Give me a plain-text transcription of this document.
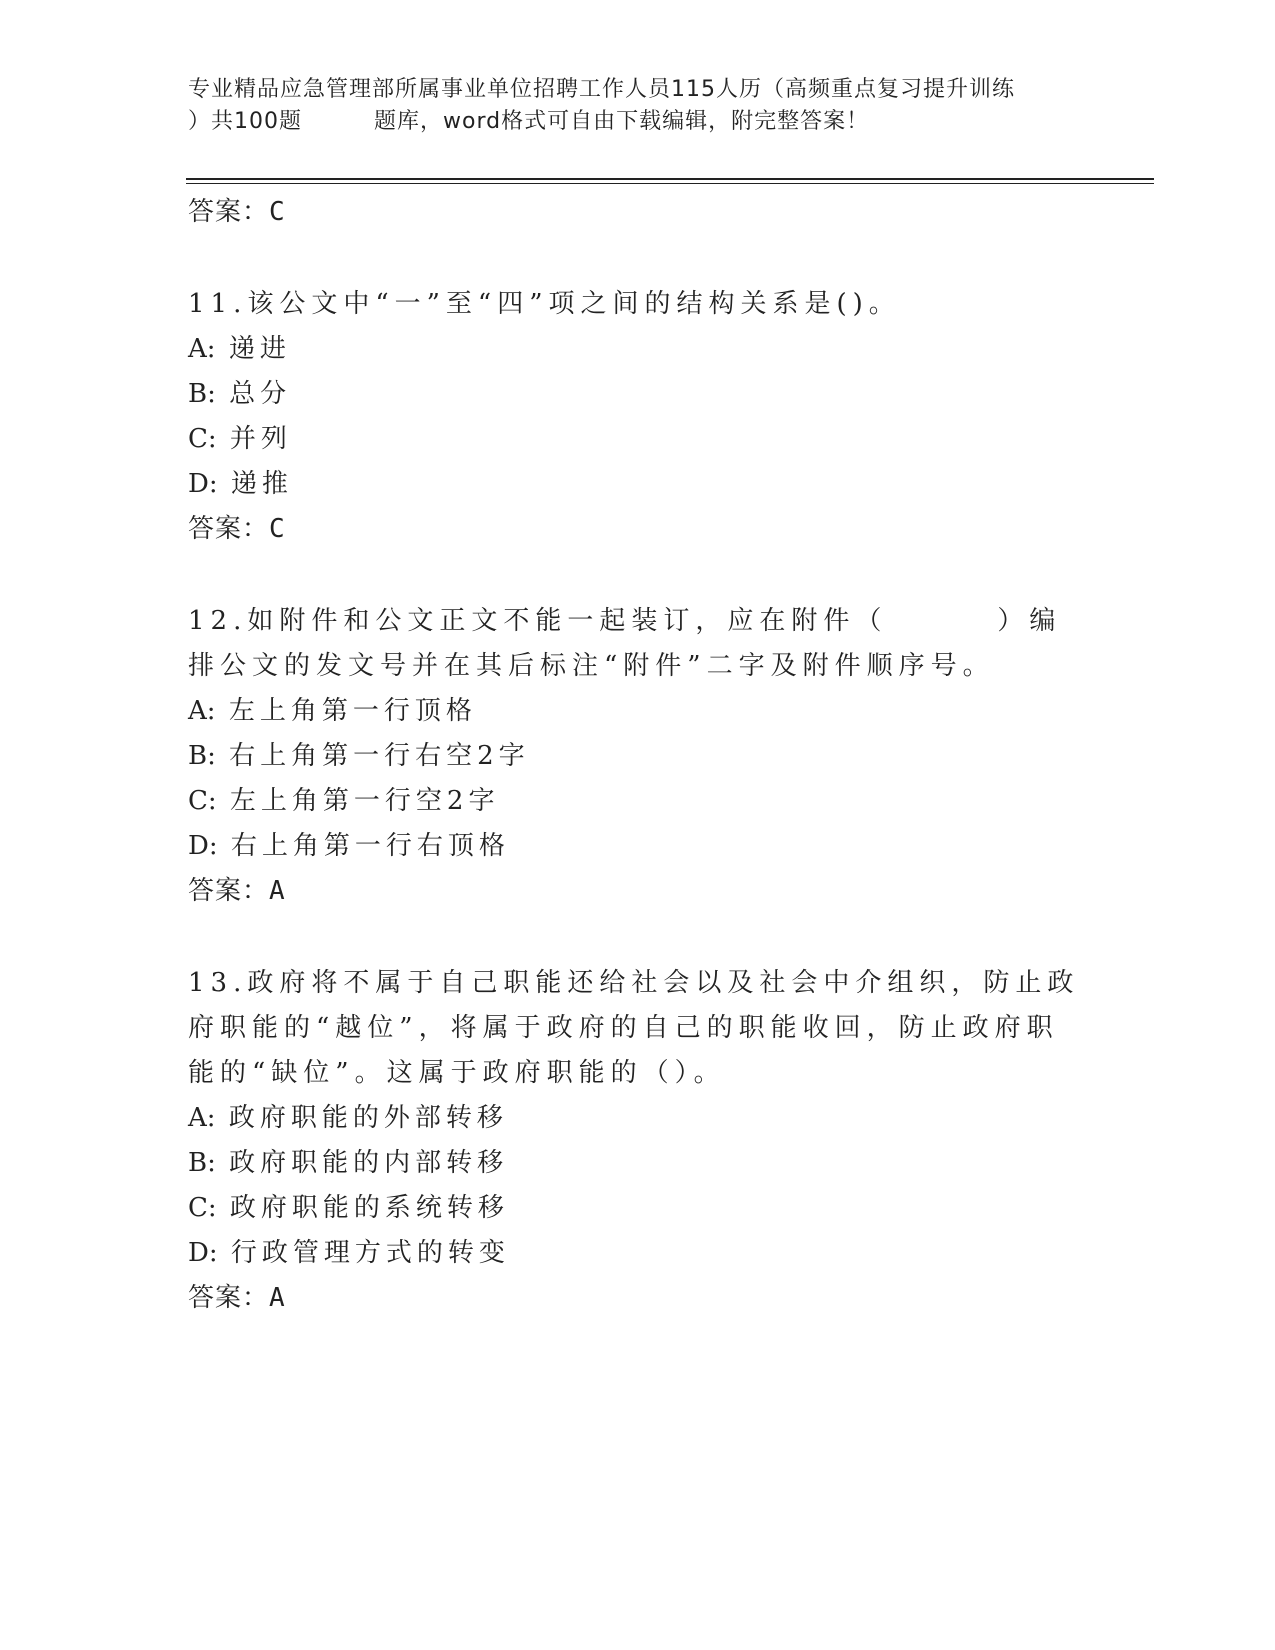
专业精品应急管理部所属事业单位招聘工作人员115人历（高频重点复习提升训练
）共100题	题库，word格式可自由下载编辑，附完整答案！
答案：C

11.该公文中“一”至“四”项之间的结构关系是()。

A: 递进
B: 总分
C: 并列
D: 递推
答案：C

12.如附件和公文正文不能一起装订，应在附件（	）编排公文的发文号并在其后标注“附件”二字及附件顺序号。

A: 左上角第一行顶格
B: 右上角第一行右空2字
C: 左上角第一行空2字
D: 右上角第一行右顶格
答案：A

13.政府将不属于自己职能还给社会以及社会中介组织，防止政府职能的“越位”，将属于政府的自己的职能收回，防止政府职能的“缺位”。这属于政府职能的（）。

A: 政府职能的外部转移
B: 政府职能的内部转移
C: 政府职能的系统转移
D: 行政管理方式的转变
答案：A
